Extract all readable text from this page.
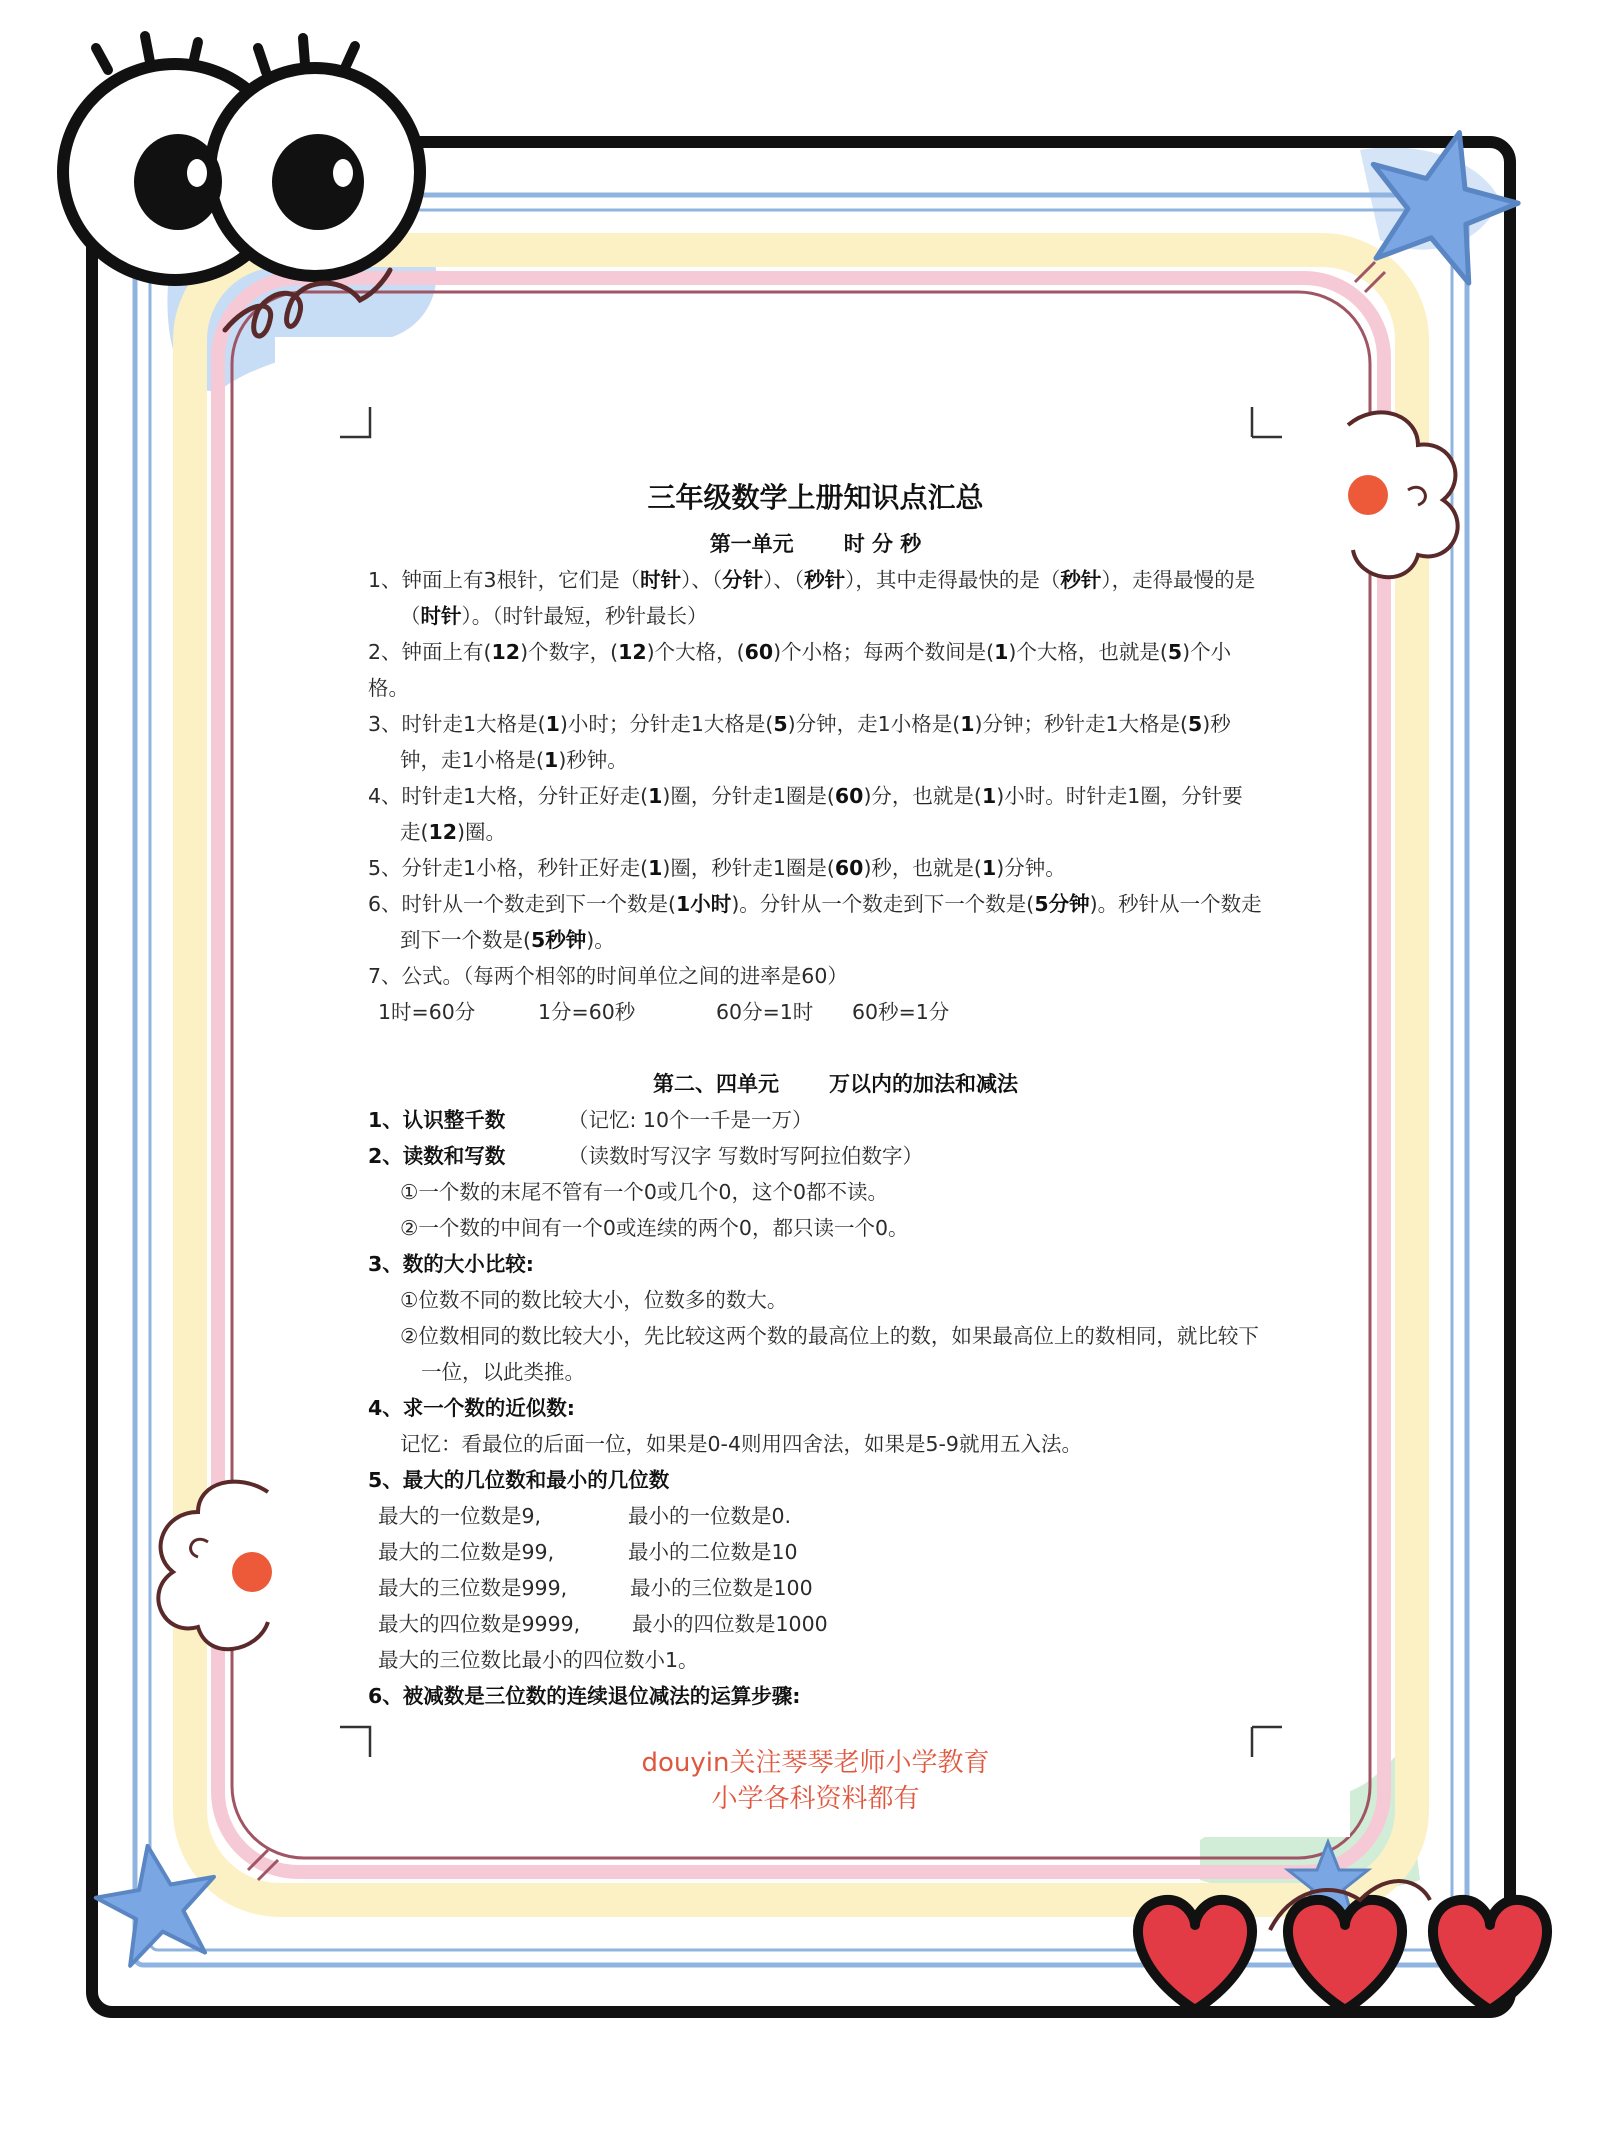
三年级数学上册知识点汇总
第一单元 时 分 秒
1、钟面上有3根针，它们是（时针）、（分针）、（秒针），其中走得最快的是（秒针），走得最慢的是（时针）。（时针最短，秒针最长）
2、钟面上有(12)个数字，(12)个大格，(60)个小格；每两个数间是(1)个大格，也就是(5)个小格。
3、时针走1大格是(1)小时；分针走1大格是(5)分钟，走1小格是(1)分钟；秒针走1大格是(5)秒钟，走1小格是(1)秒钟。
4、时针走1大格，分针正好走(1)圈，分针走1圈是(60)分，也就是(1)小时。时针走1圈，分针要走(12)圈。
5、分针走1小格，秒针正好走(1)圈，秒针走1圈是(60)秒，也就是(1)分钟。
6、时针从一个数走到下一个数是(1小时)。分针从一个数走到下一个数是(5分钟)。秒针从一个数走到下一个数是(5秒钟)。
7、公式。（每两个相邻的时间单位之间的进率是60）
1时=60分	1分=60秒	60分=1时 60秒=1分
第二、四单元 万以内的加法和减法
1、认识整千数	（记忆: 10个一千是一万）
2、读数和写数	（读数时写汉字 写数时写阿拉伯数字）
①一个数的末尾不管有一个0或几个0，这个0都不读。
②一个数的中间有一个0或连续的两个0，都只读一个0。
3、数的大小比较:
①位数不同的数比较大小，位数多的数大。
②位数相同的数比较大小，先比较这两个数的最高位上的数，如果最高位上的数相同，就比较下一位，以此类推。
4、求一个数的近似数:
记忆：看最位的后面一位，如果是0-4则用四舍法，如果是5-9就用五入法。
5、最大的几位数和最小的几位数
最大的一位数是9,	最小的一位数是0.
最大的二位数是99,	最小的二位数是10
最大的三位数是999,	最小的三位数是100
最大的四位数是9999,	最小的四位数是1000
最大的三位数比最小的四位数小1。
6、被减数是三位数的连续退位减法的运算步骤:
douyin关注琴琴老师小学教育
小学各科资料都有
